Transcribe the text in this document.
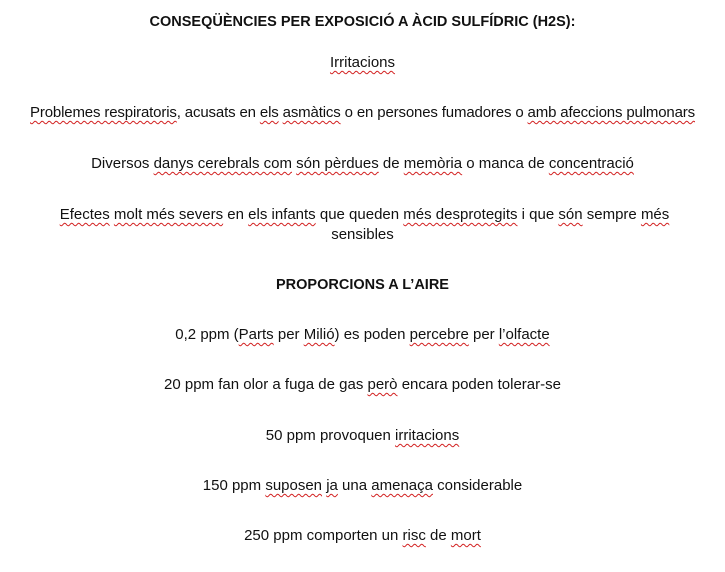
CONSEQÜÈNCIES PER EXPOSICIÓ A ÀCID SULFÍDRIC (H2S):
Irritacions
Problemes respiratoris, acusats en els asmàtics o en persones fumadores o amb afeccions pulmonars
Diversos danys cerebrals com són pèrdues de memòria o manca de concentració
Efectes molt més severs en els infants que queden més desprotegits i que són sempre més
sensibles
PROPORCIONS A L’AIRE
0,2 ppm (Parts per Milió) es poden percebre per l’olfacte
20 ppm fan olor a fuga de gas però encara poden tolerar-se
50 ppm provoquen irritacions
150 ppm suposen ja una amenaça considerable
250 ppm comporten un risc de mort
